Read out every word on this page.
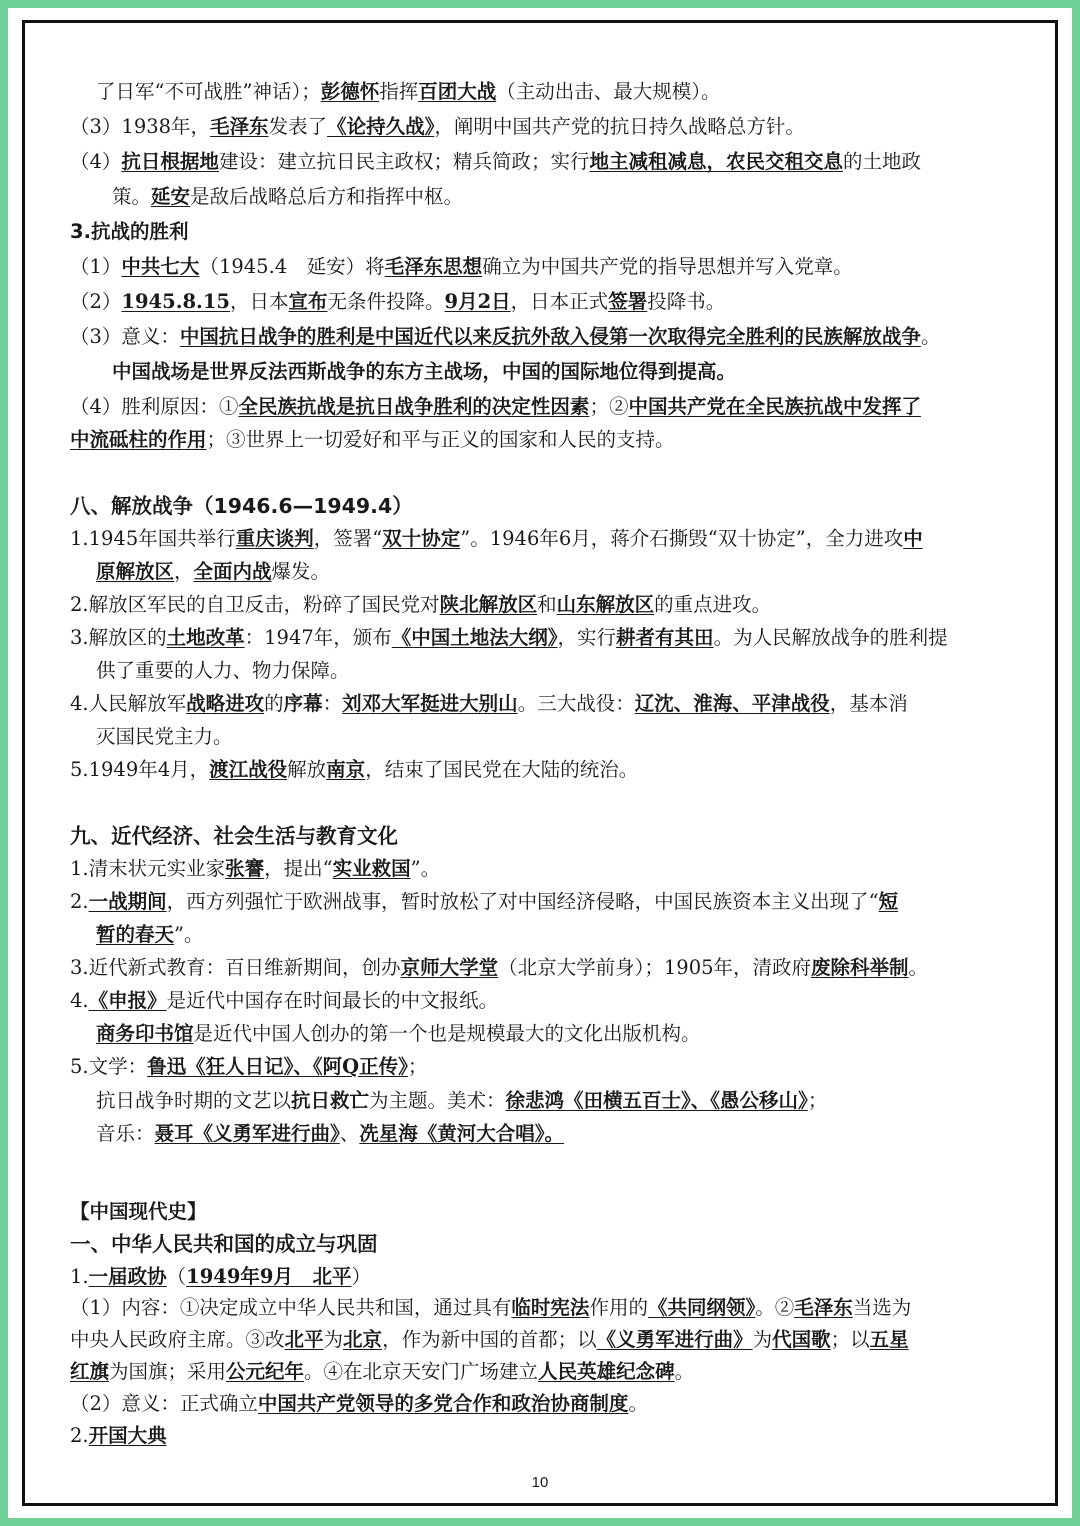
了日军“不可战胜”神话）；彭德怀指挥百团大战（主动出击、最大规模）。
（3）1938年，毛泽东发表了《论持久战》，阐明中国共产党的抗日持久战略总方针。
（4）抗日根据地建设：建立抗日民主政权；精兵简政；实行地主减租减息，农民交租交息的土地政
策。延安是敌后战略总后方和指挥中枢。
3.抗战的胜利
（1）中共七大（1945.4　延安）将毛泽东思想确立为中国共产党的指导思想并写入党章。
（2）1945.8.15，日本宣布无条件投降。9月2日，日本正式签署投降书。
（3）意义：中国抗日战争的胜利是中国近代以来反抗外敌入侵第一次取得完全胜利的民族解放战争。
中国战场是世界反法西斯战争的东方主战场，中国的国际地位得到提高。
（4）胜利原因：①全民族抗战是抗日战争胜利的决定性因素；②中国共产党在全民族抗战中发挥了
中流砥柱的作用；③世界上一切爱好和平与正义的国家和人民的支持。
八、解放战争（1946.6—1949.4）
1.1945年国共举行重庆谈判，签署“双十协定”。1946年6月，蒋介石撕毁“双十协定”，全力进攻中
原解放区，全面内战爆发。
2.解放区军民的自卫反击，粉碎了国民党对陕北解放区和山东解放区的重点进攻。
3.解放区的土地改革：1947年，颁布《中国土地法大纲》，实行耕者有其田。为人民解放战争的胜利提
供了重要的人力、物力保障。
4.人民解放军战略进攻的序幕：刘邓大军挺进大别山。三大战役：辽沈、淮海、平津战役，基本消
灭国民党主力。
5.1949年4月，渡江战役解放南京，结束了国民党在大陆的统治。
九、近代经济、社会生活与教育文化
1.清末状元实业家张謇，提出“实业救国”。
2.一战期间，西方列强忙于欧洲战事，暂时放松了对中国经济侵略，中国民族资本主义出现了“短
暂的春天”。
3.近代新式教育：百日维新期间，创办京师大学堂（北京大学前身）；1905年，清政府废除科举制。
4.《申报》是近代中国存在时间最长的中文报纸。
商务印书馆是近代中国人创办的第一个也是规模最大的文化出版机构。
5.文学：鲁迅《狂人日记》、《阿Q正传》；
抗日战争时期的文艺以抗日救亡为主题。美术：徐悲鸿《田横五百士》、《愚公移山》；
音乐：聂耳《义勇军进行曲》、冼星海《黄河大合唱》。
【中国现代史】
一、中华人民共和国的成立与巩固
1.一届政协（1949年9月　北平）
（1）内容：①决定成立中华人民共和国，通过具有临时宪法作用的《共同纲领》。②毛泽东当选为
中央人民政府主席。③改北平为北京，作为新中国的首都；以《义勇军进行曲》为代国歌；以五星
红旗为国旗；采用公元纪年。④在北京天安门广场建立人民英雄纪念碑。
（2）意义：正式确立中国共产党领导的多党合作和政治协商制度。
2.开国大典
10
